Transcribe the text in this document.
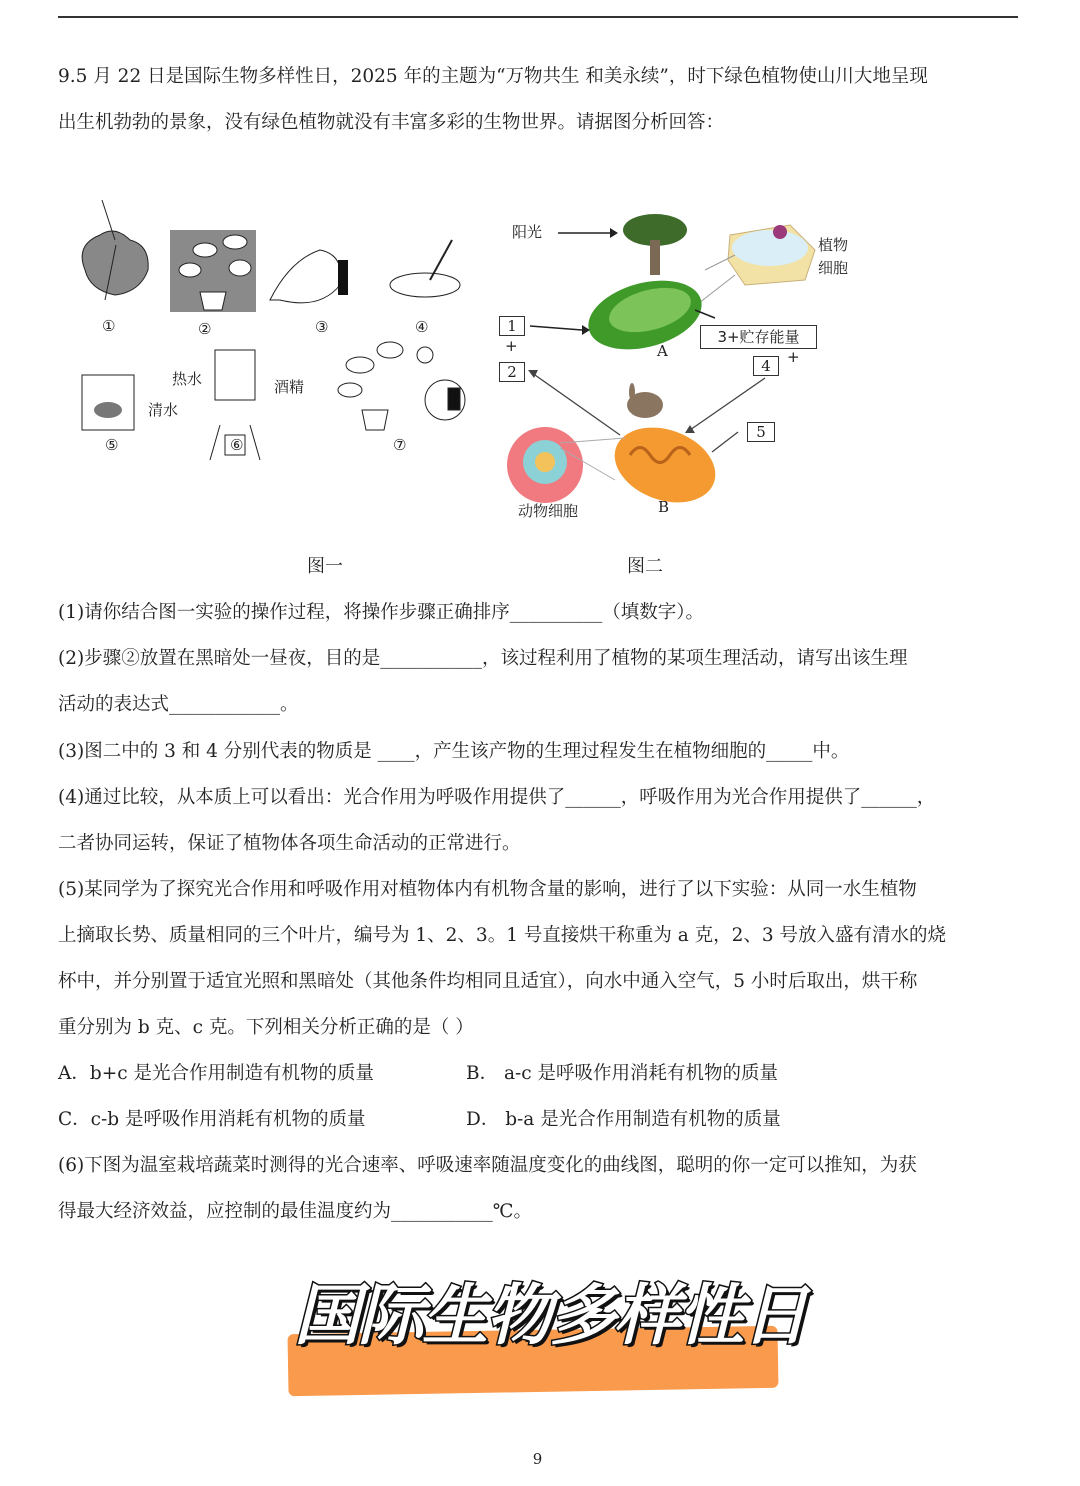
9.5 月 22 日是国际生物多样性日，2025 年的主题为“万物共生 和美永续”，时下绿色植物使山川大地呈现
出生机勃勃的景象，没有绿色植物就没有丰富多彩的生物世界。请据图分析回答：
①	②	③	④
⑤	⑥	⑦
热水	酒精
清水
阳光
植物
细胞
A
B
动物细胞
1
+
2
3+贮存能量
4	+
5
图一	图二
(1)请你结合图一实验的操作过程，将操作步骤正确排序__________（填数字）。
(2)步骤②放置在黑暗处一昼夜，目的是___________，该过程利用了植物的某项生理活动，请写出该生理
活动的表达式____________。
(3)图二中的 3 和 4 分别代表的物质是 ____，产生该产物的生理过程发生在植物细胞的_____中。
(4)通过比较，从本质上可以看出：光合作用为呼吸作用提供了______，呼吸作用为光合作用提供了______，
二者协同运转，保证了植物体各项生命活动的正常进行。
(5)某同学为了探究光合作用和呼吸作用对植物体内有机物含量的影响，进行了以下实验：从同一水生植物
上摘取长势、质量相同的三个叶片，编号为 1、2、3。1 号直接烘干称重为 a 克，2、3 号放入盛有清水的烧
杯中，并分别置于适宜光照和黑暗处（其他条件均相同且适宜），向水中通入空气，5 小时后取出，烘干称
重分别为 b 克、c 克。下列相关分析正确的是（ ）
A．b+c 是光合作用制造有机物的质量	B． a-c 是呼吸作用消耗有机物的质量
C．c-b 是呼吸作用消耗有机物的质量	D． b-a 是光合作用制造有机物的质量
(6)下图为温室栽培蔬菜时测得的光合速率、呼吸速率随温度变化的曲线图，聪明的你一定可以推知，为获
得最大经济效益，应控制的最佳温度约为___________℃。
国际生物多样性日
9
